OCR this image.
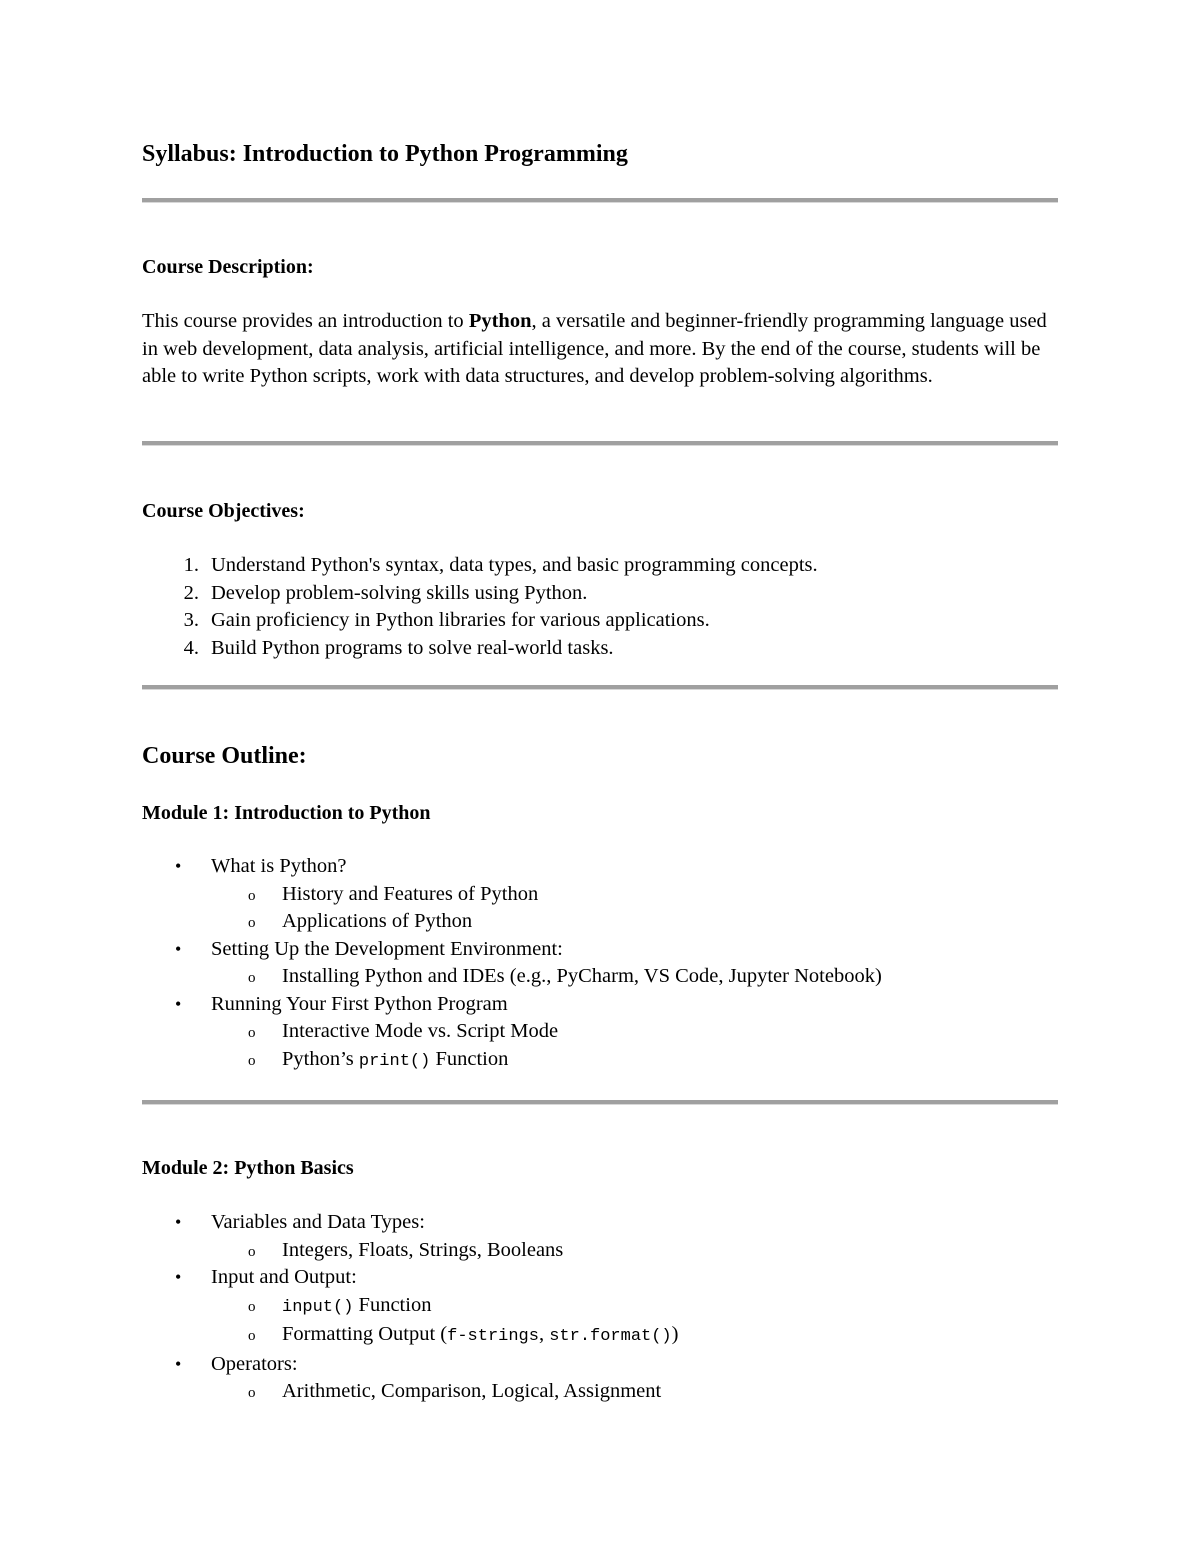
Syllabus: Introduction to Python Programming
Course Description:

This course provides an introduction to Python, a versatile and beginner-friendly programming language used in web development, data analysis, artificial intelligence, and more. By the end of the course, students will be able to write Python scripts, work with data structures, and develop problem-solving algorithms.

Course Objectives:
1. Understand Python's syntax, data types, and basic programming concepts.
2. Develop problem-solving skills using Python.
3. Gain proficiency in Python libraries for various applications.
4. Build Python programs to solve real-world tasks.
Course Outline:
Module 1: Introduction to Python
• What is Python?
o History and Features of Python
o Applications of Python
• Setting Up the Development Environment:
o Installing Python and IDEs (e.g., PyCharm, VS Code, Jupyter Notebook)
• Running Your First Python Program
o Interactive Mode vs. Script Mode
o Python’s print() Function
Module 2: Python Basics
• Variables and Data Types:
o Integers, Floats, Strings, Booleans
• Input and Output:
o input() Function
o Formatting Output (f-strings, str.format())
• Operators:
o Arithmetic, Comparison, Logical, Assignment
